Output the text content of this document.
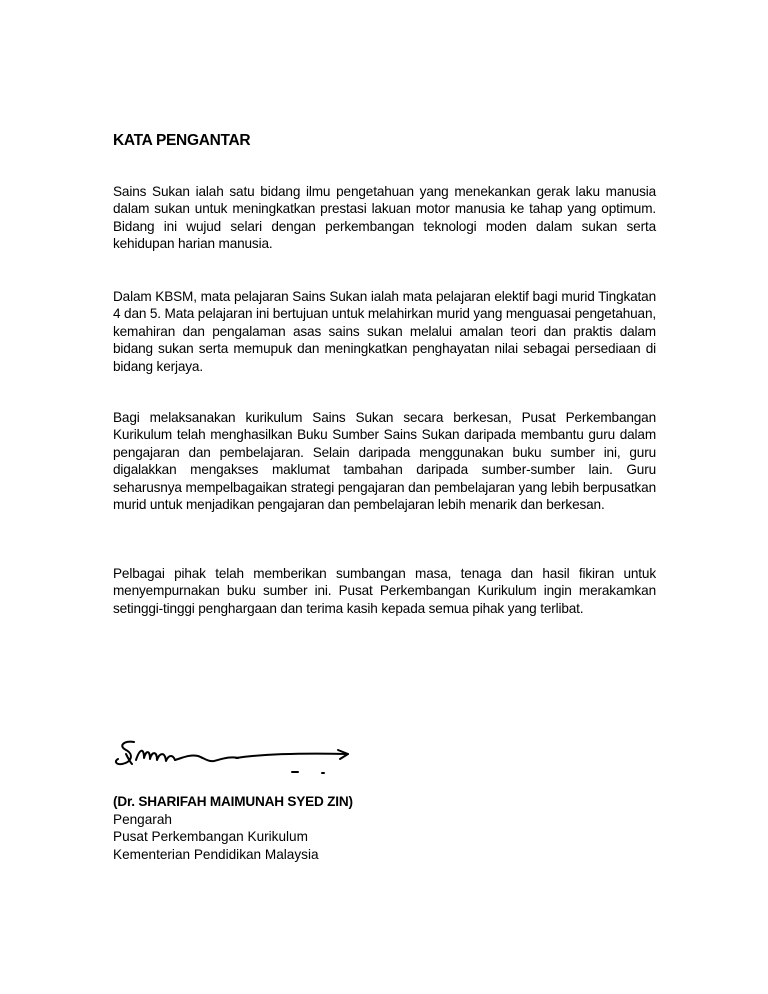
KATA PENGANTAR

Sains Sukan ialah satu bidang ilmu pengetahuan yang menekankan gerak laku manusia dalam sukan untuk meningkatkan prestasi lakuan motor manusia ke tahap yang optimum. Bidang ini wujud selari dengan perkembangan teknologi moden dalam sukan serta kehidupan harian manusia.

Dalam KBSM, mata pelajaran Sains Sukan ialah mata pelajaran elektif bagi murid Tingkatan 4 dan 5. Mata pelajaran ini bertujuan untuk melahirkan murid yang menguasai pengetahuan, kemahiran dan pengalaman asas sains sukan melalui amalan teori dan praktis dalam bidang sukan serta memupuk dan meningkatkan penghayatan nilai sebagai persediaan di bidang kerjaya.

Bagi melaksanakan kurikulum Sains Sukan secara berkesan, Pusat Perkembangan Kurikulum telah menghasilkan Buku Sumber Sains Sukan daripada membantu guru dalam pengajaran dan pembelajaran. Selain daripada menggunakan buku sumber ini, guru digalakkan mengakses maklumat tambahan daripada sumber-sumber lain. Guru seharusnya mempelbagaikan strategi pengajaran dan pembelajaran yang lebih berpusatkan murid untuk menjadikan pengajaran dan pembelajaran lebih menarik dan berkesan.

Pelbagai pihak telah memberikan sumbangan masa, tenaga dan hasil fikiran untuk menyempurnakan buku sumber ini. Pusat Perkembangan Kurikulum ingin merakamkan setinggi-tinggi penghargaan dan terima kasih kepada semua pihak yang terlibat.

(Dr. SHARIFAH MAIMUNAH SYED ZIN)
Pengarah
Pusat Perkembangan Kurikulum
Kementerian Pendidikan Malaysia
